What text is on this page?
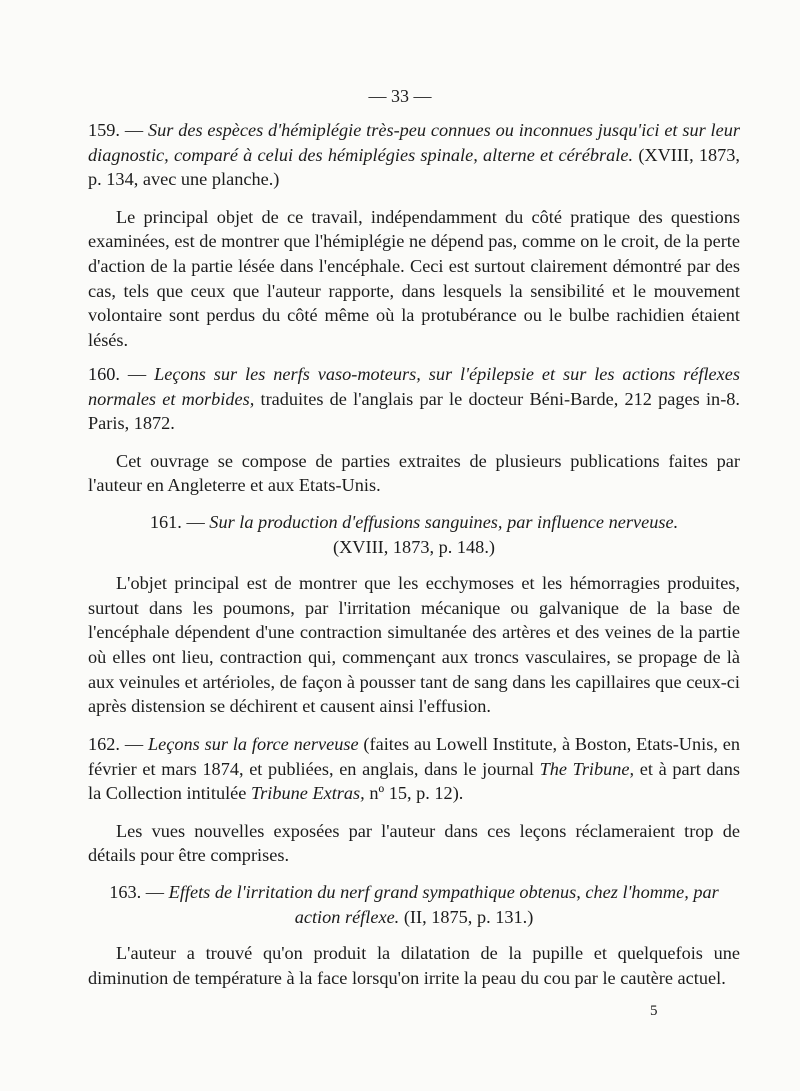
— 33 —

159. — Sur des espèces d'hémiplégie très-peu connues ou inconnues jusqu'ici et sur leur diagnostic, comparé à celui des hémiplégies spinale, alterne et cérébrale. (XVIII, 1873, p. 134, avec une planche.)

Le principal objet de ce travail, indépendamment du côté pratique des questions examinées, est de montrer que l'hémiplégie ne dépend pas, comme on le croit, de la perte d'action de la partie lésée dans l'encéphale. Ceci est surtout clairement démontré par des cas, tels que ceux que l'auteur rapporte, dans lesquels la sensibilité et le mouvement volontaire sont perdus du côté même où la protubérance ou le bulbe rachidien étaient lésés.

160. — Leçons sur les nerfs vaso-moteurs, sur l'épilepsie et sur les actions réflexes normales et morbides, traduites de l'anglais par le docteur Béni-Barde, 212 pages in-8. Paris, 1872.

Cet ouvrage se compose de parties extraites de plusieurs publications faites par l'auteur en Angleterre et aux Etats-Unis.

161. — Sur la production d'effusions sanguines, par influence nerveuse.

(XVIII, 1873, p. 148.)

L'objet principal est de montrer que les ecchymoses et les hémorragies produites, surtout dans les poumons, par l'irritation mécanique ou galvanique de la base de l'encéphale dépendent d'une contraction simultanée des artères et des veines de la partie où elles ont lieu, contraction qui, commençant aux troncs vasculaires, se propage de là aux veinules et artérioles, de façon à pousser tant de sang dans les capillaires que ceux-ci après distension se déchirent et causent ainsi l'effusion.

162. — Leçons sur la force nerveuse (faites au Lowell Institute, à Boston, Etats-Unis, en février et mars 1874, et publiées, en anglais, dans le journal The Tribune, et à part dans la Collection intitulée Tribune Extras, nº 15, p. 12).

Les vues nouvelles exposées par l'auteur dans ces leçons réclameraient trop de détails pour être comprises.

163. — Effets de l'irritation du nerf grand sympathique obtenus, chez l'homme, par action réflexe. (II, 1875, p. 131.)

L'auteur a trouvé qu'on produit la dilatation de la pupille et quelquefois une diminution de température à la face lorsqu'on irrite la peau du cou par le cautère actuel.

5
